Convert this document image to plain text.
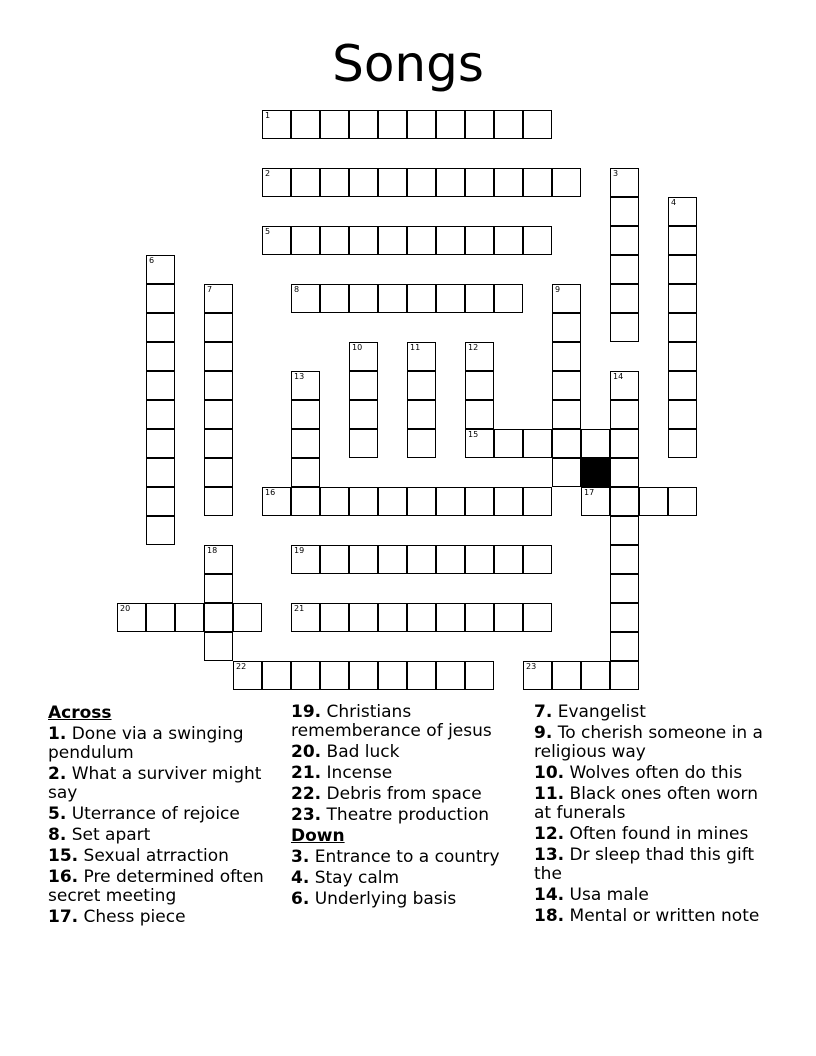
Songs
1
2	3
4
5
6
7	8	9
10	11	12
15
13	14
16	17
18	19
20	21
22	23
Across
1. Done via a swinging pendulum
2. What a surviver might say
5. Uterrance of rejoice
8. Set apart
15. Sexual atrraction
16. Pre determined often secret meeting
17. Chess piece
19. Christians rememberance of jesus
20. Bad luck
21. Incense
22. Debris from space
23. Theatre production
Down
3. Entrance to a country
4. Stay calm
6. Underlying basis
7. Evangelist
9. To cherish someone in a religious way
10. Wolves often do this
11. Black ones often worn at funerals
12. Often found in mines
13. Dr sleep thad this gift the
14. Usa male
18. Mental or written note
